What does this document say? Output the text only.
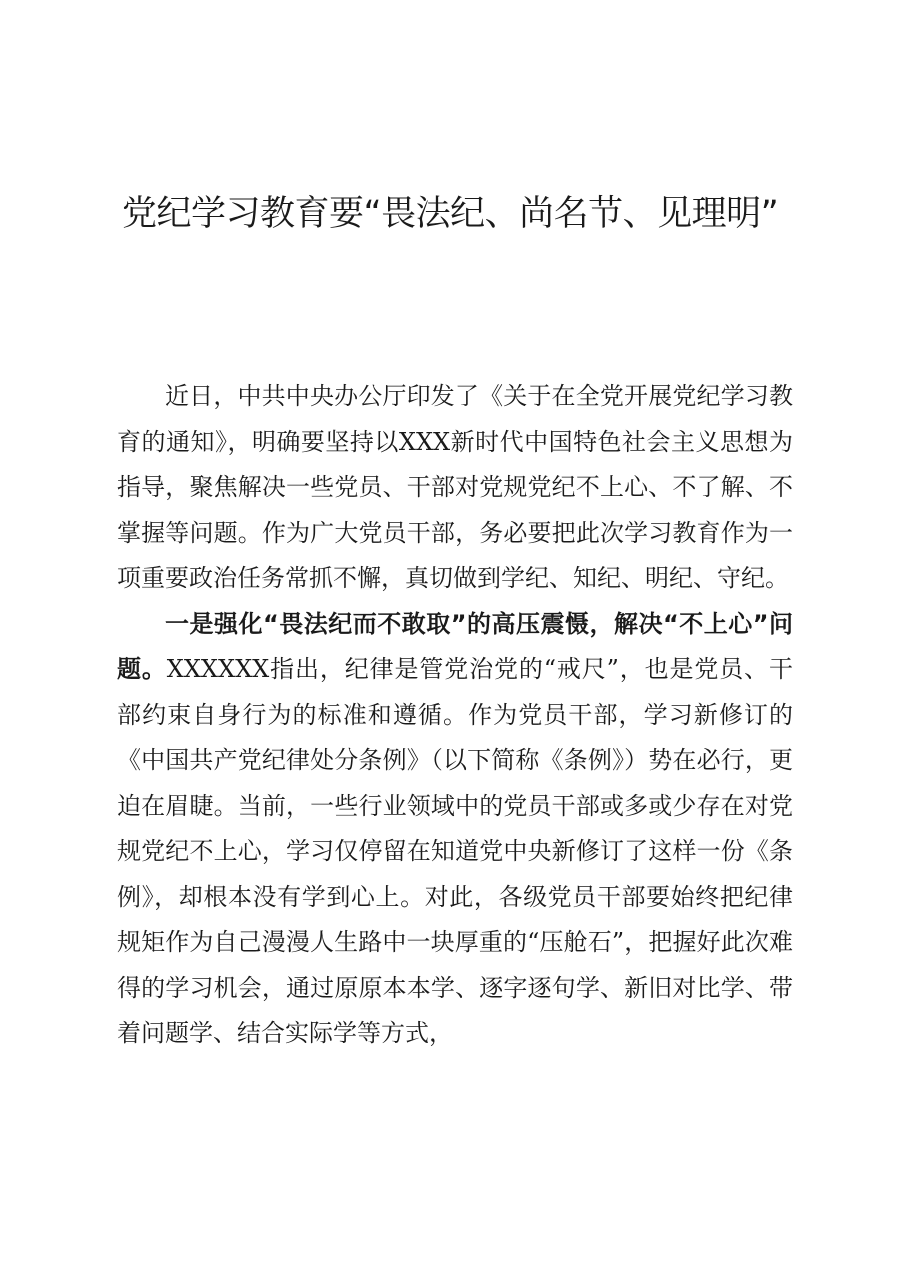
党纪学习教育要“畏法纪、尚名节、见理明”

近日，中共中央办公厅印发了《关于在全党开展党纪学习教育的通知》，明确要坚持以XXX新时代中国特色社会主义思想为指导，聚焦解决一些党员、干部对党规党纪不上心、不了解、不掌握等问题。作为广大党员干部，务必要把此次学习教育作为一项重要政治任务常抓不懈，真切做到学纪、知纪、明纪、守纪。

一是强化“畏法纪而不敢取”的高压震慑，解决“不上心”问题。XXXXXX指出，纪律是管党治党的“戒尺”，也是党员、干部约束自身行为的标准和遵循。作为党员干部，学习新修订的《中国共产党纪律处分条例》（以下简称《条例》）势在必行，更迫在眉睫。当前，一些行业领域中的党员干部或多或少存在对党规党纪不上心，学习仅停留在知道党中央新修订了这样一份《条例》，却根本没有学到心上。对此，各级党员干部要始终把纪律规矩作为自己漫漫人生路中一块厚重的“压舱石”，把握好此次难得的学习机会，通过原原本本学、逐字逐句学、新旧对比学、带着问题学、结合实际学等方式，
